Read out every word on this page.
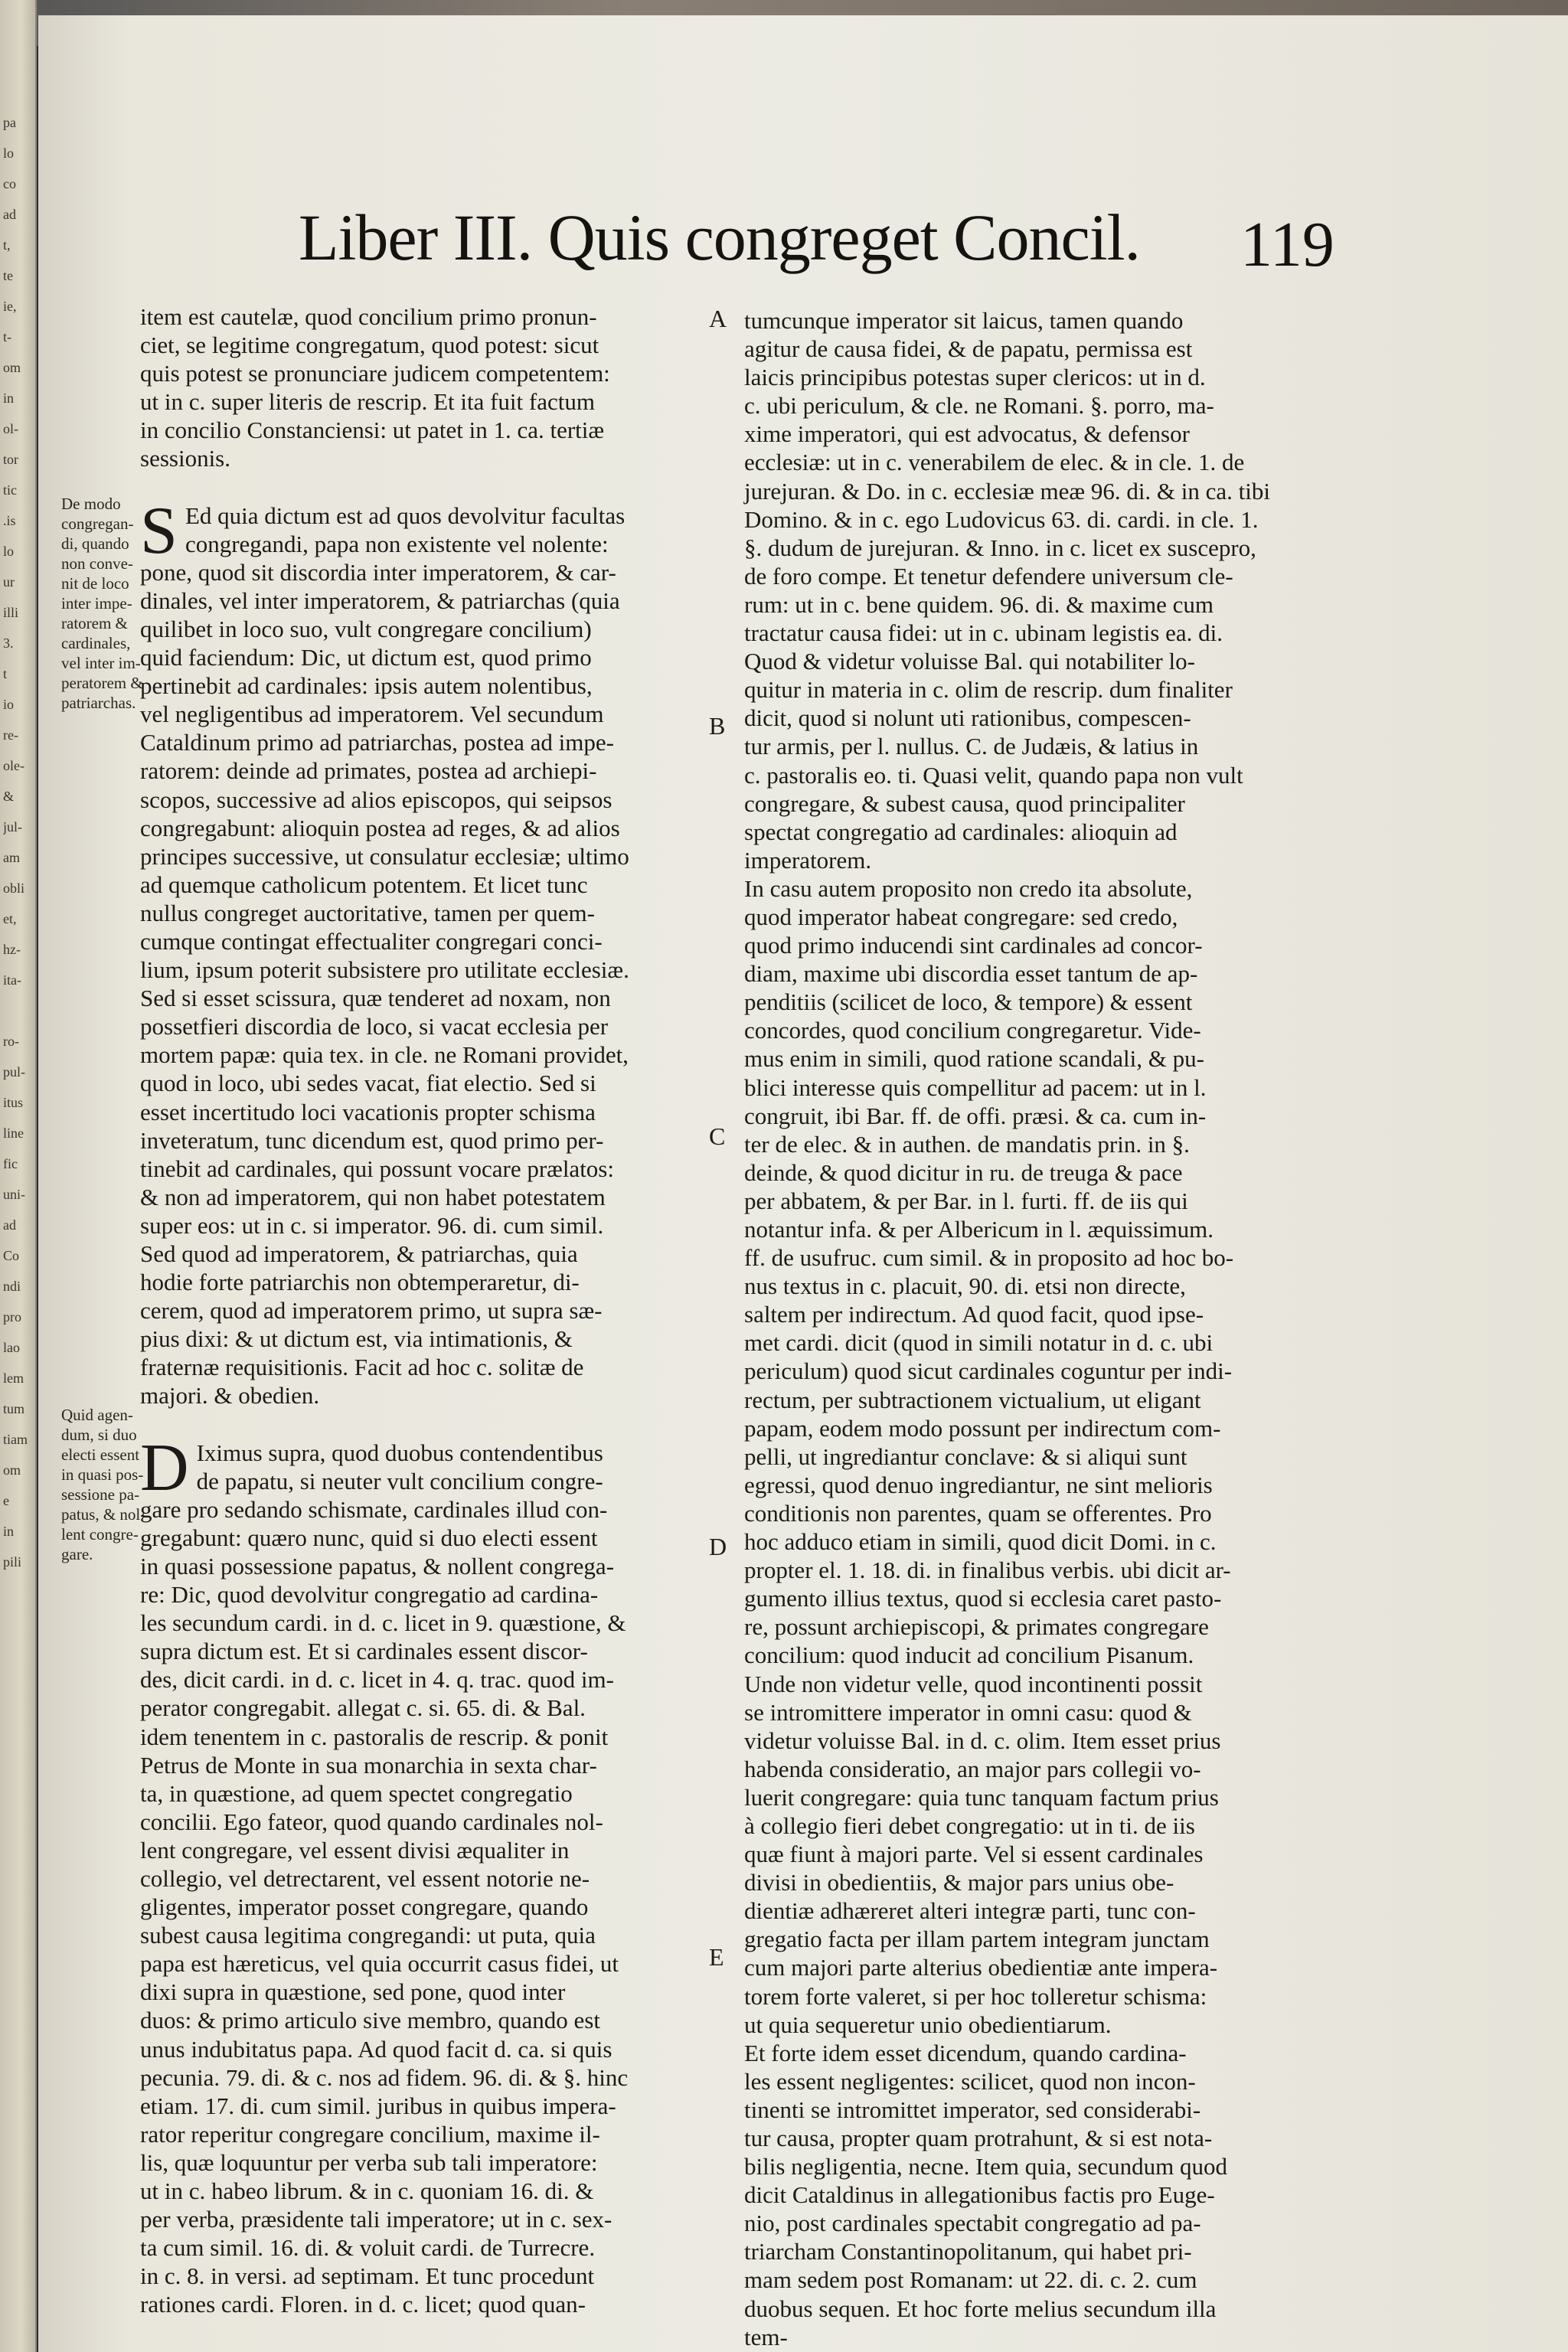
pa
lo
co
ad
t,
te
ie,
t-
om
in
ol-
tor
tic
.is
lo
ur
illi
3.
t
io
re-
ole-
&
jul-
am
obli
et,
hz-
ita-

ro-
pul-
itus
line
fic
uni-
ad
Co
ndi
pro
lao
lem
tum
tiam
om
e
in
pili
Liber III. Quis congreget Concil.	119
De modo
congregan-
di, quando
non conve-
nit de loco
inter impe-
ratorem &
cardinales,
vel inter im-
peratorem &
patriarchas.
Quid agen-
dum, si duo
electi essent
in quasi pos-
sessione pa-
patus, & nol-
lent congre-
gare.
A
B
C
D
E

item est cautelæ, quod concilium primo pronun-
ciet, se legitime congregatum, quod potest: sicut
quis potest se pronunciare judicem competentem:
ut in c. super literis de rescrip. Et ita fuit factum
in concilio Constanciensi: ut patet in 1. ca. tertiæ
sessionis.

S Ed quia dictum est ad quos devolvitur facultas
congregandi, papa non existente vel nolente:
pone, quod sit discordia inter imperatorem, & car-
dinales, vel inter imperatorem, & patriarchas (quia
quilibet in loco suo, vult congregare concilium)
quid faciendum: Dic, ut dictum est, quod primo
pertinebit ad cardinales: ipsis autem nolentibus,
vel negligentibus ad imperatorem. Vel secundum
Cataldinum primo ad patriarchas, postea ad impe-
ratorem: deinde ad primates, postea ad archiepi-
scopos, successive ad alios episcopos, qui seipsos
congregabunt: alioquin postea ad reges, & ad alios
principes successive, ut consulatur ecclesiæ; ultimo
ad quemque catholicum potentem. Et licet tunc
nullus congreget auctoritative, tamen per quem-
cumque contingat effectualiter congregari conci-
lium, ipsum poterit subsistere pro utilitate ecclesiæ.

Sed si esset scissura, quæ tenderet ad noxam, non
possetfieri discordia de loco, si vacat ecclesia per
mortem papæ: quia tex. in cle. ne Romani providet,
quod in loco, ubi sedes vacat, fiat electio. Sed si
esset incertitudo loci vacationis propter schisma
inveteratum, tunc dicendum est, quod primo per-
tinebit ad cardinales, qui possunt vocare prælatos:
& non ad imperatorem, qui non habet potestatem
super eos: ut in c. si imperator. 96. di. cum simil.
Sed quod ad imperatorem, & patriarchas, quia
hodie forte patriarchis non obtemperaretur, di-
cerem, quod ad imperatorem primo, ut supra sæ-
pius dixi: & ut dictum est, via intimationis, &
fraternæ requisitionis. Facit ad hoc c. solitæ de
majori. & obedien.

D Iximus supra, quod duobus contendentibus
de papatu, si neuter vult concilium congre-
gare pro sedando schismate, cardinales illud con-
gregabunt: quæro nunc, quid si duo electi essent
in quasi possessione papatus, & nollent congrega-
re: Dic, quod devolvitur congregatio ad cardina-
les secundum cardi. in d. c. licet in 9. quæstione, &
supra dictum est. Et si cardinales essent discor-
des, dicit cardi. in d. c. licet in 4. q. trac. quod im-
perator congregabit. allegat c. si. 65. di. & Bal.
idem tenentem in c. pastoralis de rescrip. & ponit
Petrus de Monte in sua monarchia in sexta char-
ta, in quæstione, ad quem spectet congregatio
concilii. Ego fateor, quod quando cardinales nol-
lent congregare, vel essent divisi æqualiter in
collegio, vel detrectarent, vel essent notorie ne-
gligentes, imperator posset congregare, quando
subest causa legitima congregandi: ut puta, quia
papa est hæreticus, vel quia occurrit casus fidei, ut
dixi supra in quæstione, sed pone, quod inter
duos: & primo articulo sive membro, quando est
unus indubitatus papa. Ad quod facit d. ca. si quis
pecunia. 79. di. & c. nos ad fidem. 96. di. & §. hinc
etiam. 17. di. cum simil. juribus in quibus impera-
rator reperitur congregare concilium, maxime il-
lis, quæ loquuntur per verba sub tali imperatore:
ut in c. habeo librum. & in c. quoniam 16. di. &
per verba, præsidente tali imperatore; ut in c. sex-
ta cum simil. 16. di. & voluit cardi. de Turrecre.
in c. 8. in versi. ad septimam. Et tunc procedunt
rationes cardi. Floren. in d. c. licet; quod quan-

tumcunque imperator sit laicus, tamen quando
agitur de causa fidei, & de papatu, permissa est
laicis principibus potestas super clericos: ut in d.
c. ubi periculum, & cle. ne Romani. §. porro, ma-
xime imperatori, qui est advocatus, & defensor
ecclesiæ: ut in c. venerabilem de elec. & in cle. 1. de
jurejuran. & Do. in c. ecclesiæ meæ 96. di. & in ca. tibi
Domino. & in c. ego Ludovicus 63. di. cardi. in cle. 1.
§. dudum de jurejuran. & Inno. in c. licet ex suscepro,
de foro compe. Et tenetur defendere universum cle-
rum: ut in c. bene quidem. 96. di. & maxime cum
tractatur causa fidei: ut in c. ubinam legistis ea. di.
Quod & videtur voluisse Bal. qui notabiliter lo-
quitur in materia in c. olim de rescrip. dum finaliter
dicit, quod si nolunt uti rationibus, compescen-
tur armis, per l. nullus. C. de Judæis, & latius in
c. pastoralis eo. ti. Quasi velit, quando papa non vult
congregare, & subest causa, quod principaliter
spectat congregatio ad cardinales: alioquin ad
imperatorem.

In casu autem proposito non credo ita absolute,
quod imperator habeat congregare: sed credo,
quod primo inducendi sint cardinales ad concor-
diam, maxime ubi discordia esset tantum de ap-
penditiis (scilicet de loco, & tempore) & essent
concordes, quod concilium congregaretur. Vide-
mus enim in simili, quod ratione scandali, & pu-
blici interesse quis compellitur ad pacem: ut in l.
congruit, ibi Bar. ff. de offi. præsi. & ca. cum in-
ter de elec. & in authen. de mandatis prin. in §.
deinde, & quod dicitur in ru. de treuga & pace
per abbatem, & per Bar. in l. furti. ff. de iis qui
notantur infa. & per Albericum in l. æquissimum.
ff. de usufruc. cum simil. & in proposito ad hoc bo-
nus textus in c. placuit, 90. di. etsi non directe,
saltem per indirectum. Ad quod facit, quod ipse-
met cardi. dicit (quod in simili notatur in d. c. ubi
periculum) quod sicut cardinales coguntur per indi-
rectum, per subtractionem victualium, ut eligant
papam, eodem modo possunt per indirectum com-
pelli, ut ingrediantur conclave: & si aliqui sunt
egressi, quod denuo ingrediantur, ne sint melioris
conditionis non parentes, quam se offerentes. Pro
hoc adduco etiam in simili, quod dicit Domi. in c.
propter el. 1. 18. di. in finalibus verbis. ubi dicit ar-
gumento illius textus, quod si ecclesia caret pasto-
re, possunt archiepiscopi, & primates congregare
concilium: quod inducit ad concilium Pisanum.
Unde non videtur velle, quod incontinenti possit
se intromittere imperator in omni casu: quod &
videtur voluisse Bal. in d. c. olim. Item esset prius
habenda consideratio, an major pars collegii vo-
luerit congregare: quia tunc tanquam factum prius
à collegio fieri debet congregatio: ut in ti. de iis
quæ fiunt à majori parte. Vel si essent cardinales
divisi in obedientiis, & major pars unius obe-
dientiæ adhæreret alteri integræ parti, tunc con-
gregatio facta per illam partem integram junctam
cum majori parte alterius obedientiæ ante impera-
torem forte valeret, si per hoc tolleretur schisma:
ut quia sequeretur unio obedientiarum.

Et forte idem esset dicendum, quando cardina-
les essent negligentes: scilicet, quod non incon-
tinenti se intromittet imperator, sed considerabi-
tur causa, propter quam protrahunt, & si est nota-
bilis negligentia, necne. Item quia, secundum quod
dicit Cataldinus in allegationibus factis pro Euge-
nio, post cardinales spectabit congregatio ad pa-
triarcham Constantinopolitanum, qui habet pri-
mam sedem post Romanam: ut 22. di. c. 2. cum
duobus sequen. Et hoc forte melius secundum illa
tem-
